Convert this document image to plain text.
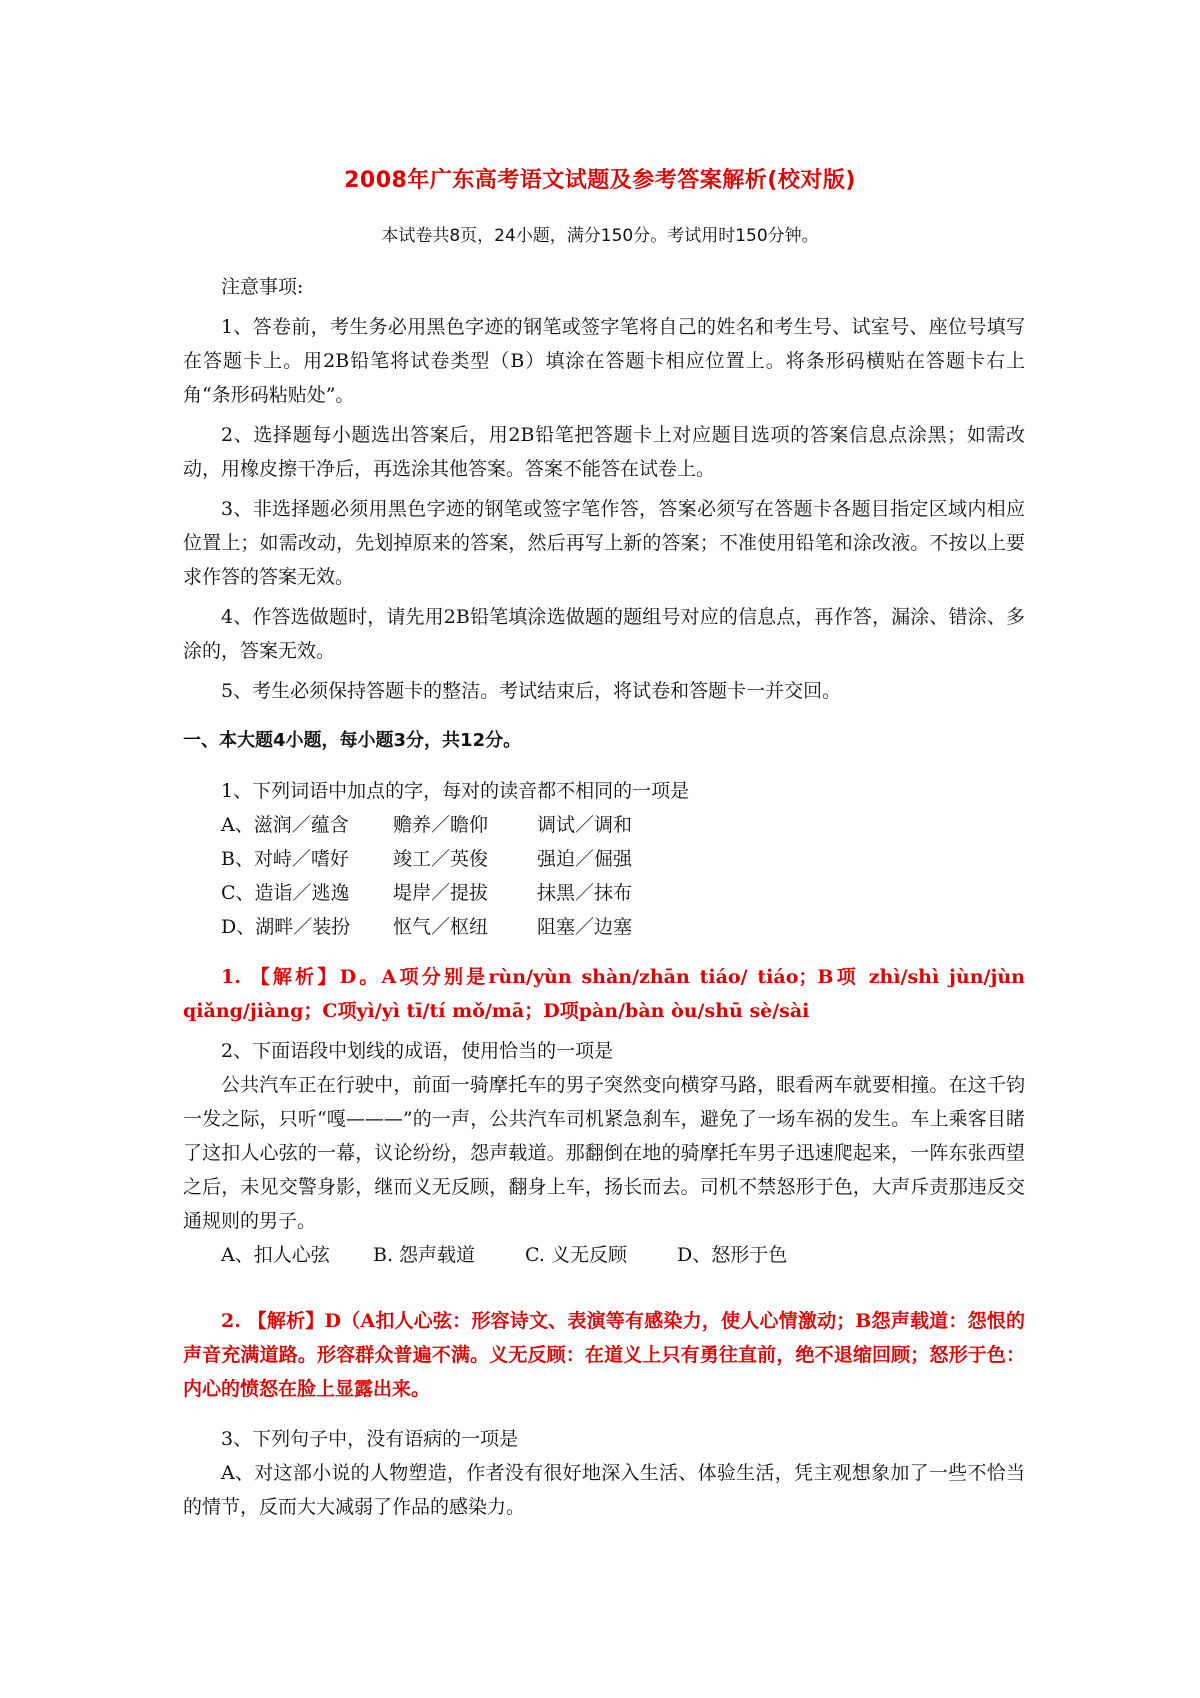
2008年广东高考语文试题及参考答案解析(校对版)
本试卷共8页，24小题，满分150分。考试用时150分钟。

注意事项:

1、答卷前，考生务必用黑色字迹的钢笔或签字笔将自己的姓名和考生号、试室号、座位号填写在答题卡上。用2B铅笔将试卷类型（B）填涂在答题卡相应位置上。将条形码横贴在答题卡右上角“条形码粘贴处”。

2、选择题每小题选出答案后，用2B铅笔把答题卡上对应题目选项的答案信息点涂黑；如需改动，用橡皮擦干净后，再选涂其他答案。答案不能答在试卷上。

3、非选择题必须用黑色字迹的钢笔或签字笔作答，答案必须写在答题卡各题目指定区域内相应位置上；如需改动，先划掉原来的答案，然后再写上新的答案；不准使用铅笔和涂改液。不按以上要求作答的答案无效。

4、作答选做题时，请先用2B铅笔填涂选做题的题组号对应的信息点，再作答，漏涂、错涂、多涂的，答案无效。

5、考生必须保持答题卡的整洁。考试结束后，将试卷和答题卡一并交回。

一、本大题4小题，每小题3分，共12分。

1、下列词语中加点的字，每对的读音都不相同的一项是

A、滋润／蕴含	赡养／瞻仰	调试／调和
B、对峙／嗜好	竣工／英俊	强迫／倔强
C、造诣／逃逸	堤岸／提拔	抹黑／抹布
D、湖畔／装扮	怄气／枢纽	阻塞／边塞

1. 【解析】D。A项分别是rùn/yùn shàn/zhān tiáo/ tiáo；B项 zhì/shì jùn/jùn qiǎng/jiàng；C项yì/yì tī/tí mǒ/mā；D项pàn/bàn òu/shū sè/sài

2、下面语段中划线的成语，使用恰当的一项是

公共汽车正在行驶中，前面一骑摩托车的男子突然变向横穿马路，眼看两车就要相撞。在这千钧一发之际，只听“嘎———”的一声，公共汽车司机紧急刹车，避免了一场车祸的发生。车上乘客目睹了这扣人心弦的一幕，议论纷纷，怨声载道。那翻倒在地的骑摩托车男子迅速爬起来，一阵东张西望之后，未见交警身影，继而义无反顾，翻身上车，扬长而去。司机不禁怒形于色，大声斥责那违反交通规则的男子。

A、扣人心弦	B. 怨声载道	C. 义无反顾	D、怒形于色

2. 【解析】D（A扣人心弦：形容诗文、表演等有感染力，使人心情激动；B怨声载道：怨恨的声音充满道路。形容群众普遍不满。义无反顾：在道义上只有勇往直前，绝不退缩回顾；怒形于色：内心的愤怒在脸上显露出来。

3、下列句子中，没有语病的一项是

A、对这部小说的人物塑造，作者没有很好地深入生活、体验生活，凭主观想象加了一些不恰当的情节，反而大大减弱了作品的感染力。
